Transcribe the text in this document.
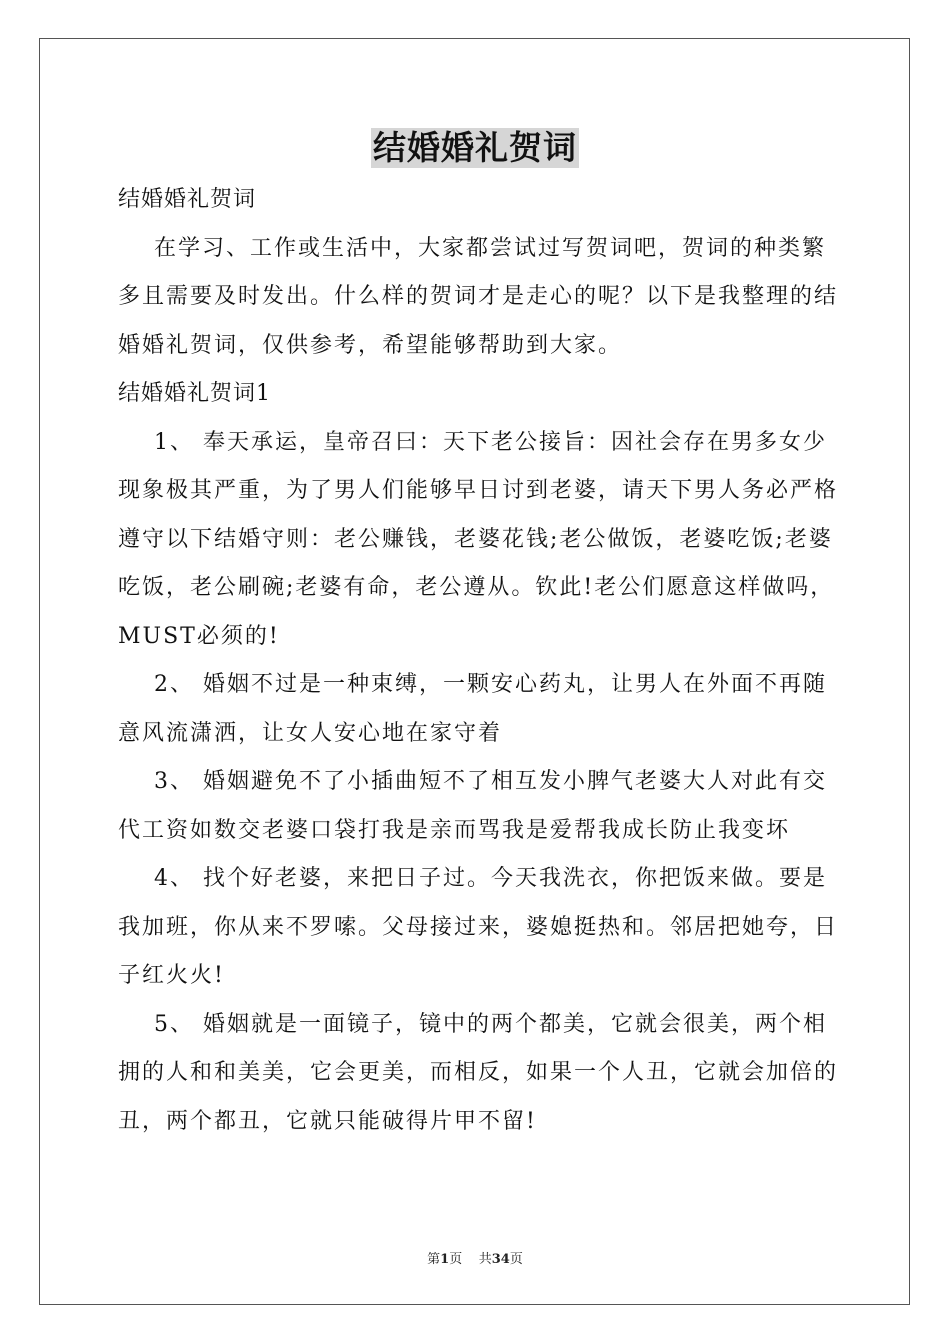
结婚婚礼贺词
结婚婚礼贺词
在学习、工作或生活中，大家都尝试过写贺词吧，贺词的种类繁
多且需要及时发出。什么样的贺词才是走心的呢？以下是我整理的结
婚婚礼贺词，仅供参考，希望能够帮助到大家。
结婚婚礼贺词1
1、 奉天承运，皇帝召曰：天下老公接旨：因社会存在男多女少
现象极其严重，为了男人们能够早日讨到老婆，请天下男人务必严格
遵守以下结婚守则：老公赚钱，老婆花钱;老公做饭，老婆吃饭;老婆
吃饭，老公刷碗;老婆有命，老公遵从。钦此!老公们愿意这样做吗，
MUST必须的!
2、 婚姻不过是一种束缚，一颗安心药丸，让男人在外面不再随
意风流潇洒，让女人安心地在家守着
3、 婚姻避免不了小插曲短不了相互发小脾气老婆大人对此有交
代工资如数交老婆口袋打我是亲而骂我是爱帮我成长防止我变坏
4、 找个好老婆，来把日子过。今天我洗衣，你把饭来做。要是
我加班，你从来不罗嗦。父母接过来，婆媳挺热和。邻居把她夸，日
子红火火!
5、 婚姻就是一面镜子，镜中的两个都美，它就会很美，两个相
拥的人和和美美，它会更美，而相反，如果一个人丑，它就会加倍的
丑，两个都丑，它就只能破得片甲不留!
第1页    共34页
